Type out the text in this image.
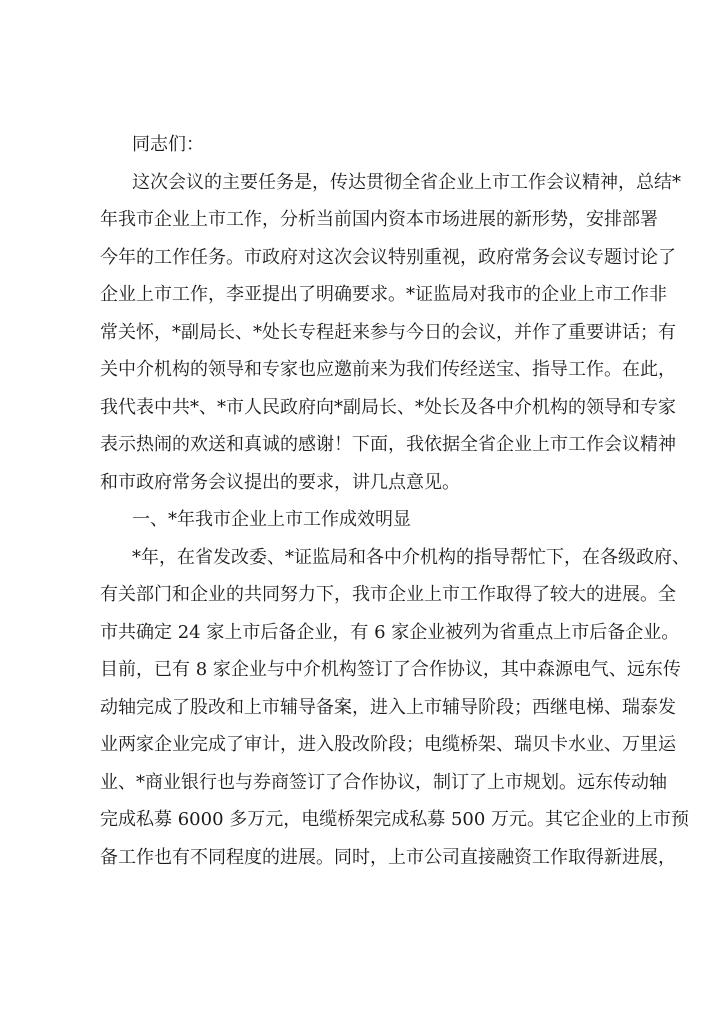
同志们：
这次会议的主要任务是，传达贯彻全省企业上市工作会议精神，总结*
年我市企业上市工作，分析当前国内资本市场进展的新形势，安排部署
今年的工作任务。市政府对这次会议特别重视，政府常务会议专题讨论了
企业上市工作，李亚提出了明确要求。*证监局对我市的企业上市工作非
常关怀，*副局长、*处长专程赶来参与今日的会议，并作了重要讲话；有
关中介机构的领导和专家也应邀前来为我们传经送宝、指导工作。在此，
我代表中共*、*市人民政府向*副局长、*处长及各中介机构的领导和专家
表示热闹的欢送和真诚的感谢！下面，我依据全省企业上市工作会议精神
和市政府常务会议提出的要求，讲几点意见。
一、*年我市企业上市工作成效明显
*年，在省发改委、*证监局和各中介机构的指导帮忙下，在各级政府、
有关部门和企业的共同努力下，我市企业上市工作取得了较大的进展。全
市共确定 24 家上市后备企业，有 6 家企业被列为省重点上市后备企业。
目前，已有 8 家企业与中介机构签订了合作协议，其中森源电气、远东传
动轴完成了股改和上市辅导备案，进入上市辅导阶段；西继电梯、瑞泰发
业两家企业完成了审计，进入股改阶段；电缆桥架、瑞贝卡水业、万里运
业、*商业银行也与券商签订了合作协议，制订了上市规划。远东传动轴
完成私募 6000 多万元，电缆桥架完成私募 500 万元。其它企业的上市预
备工作也有不同程度的进展。同时，上市公司直接融资工作取得新进展，
